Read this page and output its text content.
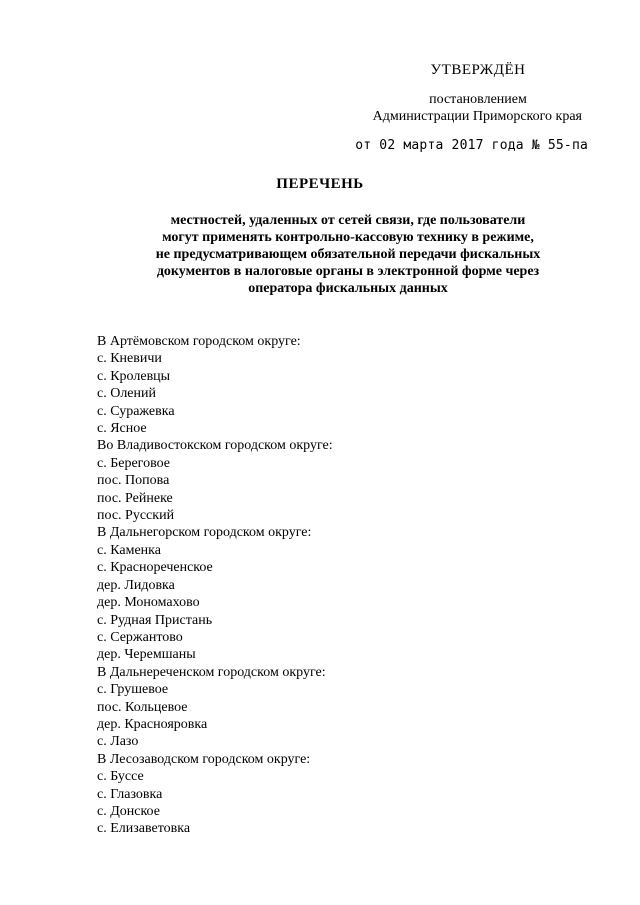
УТВЕРЖДЁН
постановлением
Администрации Приморского края
от 02 марта 2017 года № 55-па
ПЕРЕЧЕНЬ
местностей, удаленных от сетей связи, где пользователи
могут применять контрольно-кассовую технику в режиме,
не предусматривающем обязательной передачи фискальных
документов в налоговые органы в электронной форме через
оператора фискальных данных
В Артёмовском городском округе:
с. Кневичи
с. Кролевцы
с. Олений
с. Суражевка
с. Ясное
Во Владивостокском городском округе:
с. Береговое
пос. Попова
пос. Рейнеке
пос. Русский
В Дальнегорском городском округе:
с. Каменка
с. Краснореченское
дер. Лидовка
дер. Мономахово
с. Рудная Пристань
с. Сержантово
дер. Черемшаны
В Дальнереченском городском округе:
с. Грушевое
пос. Кольцевое
дер. Краснояровка
с. Лазо
В Лесозаводском городском округе:
с. Буссе
с. Глазовка
с. Донское
с. Елизаветовка
